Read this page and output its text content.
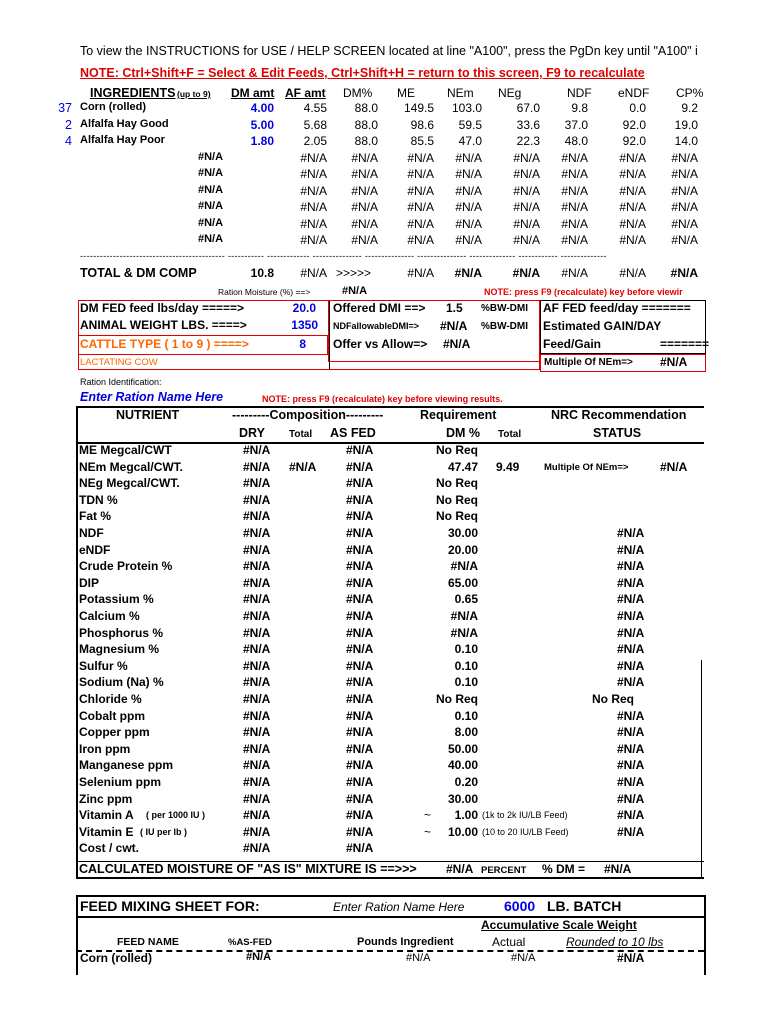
To view the INSTRUCTIONS for USE / HELP SCREEN located at line "A100", press the PgDn key until "A100" i
NOTE: Ctrl+Shift+F = Select & Edit Feeds, Ctrl+Shift+H = return to this screen, F9 to recalculate
INGREDIENTS (up to 9) DM amt AF amt DM% ME	NEm NEg	NDF eNDF CP%
37 Corn (rolled)	4.00	4.55	88.0	149.5	103.0	67.0	9.8	0.0	9.2
2 Alfalfa Hay Good	5.00	5.68	88.0	98.6	59.5	33.6	37.0	92.0	19.0
4 Alfalfa Hay Poor	1.80	2.05	88.0	85.5	47.0	22.3	48.0	92.0	14.0
#N/A	#N/A	#N/A	#N/A	#N/A	#N/A	#N/A	#N/A	#N/A
#N/A	#N/A	#N/A	#N/A	#N/A	#N/A	#N/A	#N/A	#N/A
#N/A	#N/A	#N/A	#N/A	#N/A	#N/A	#N/A	#N/A	#N/A
#N/A	#N/A	#N/A	#N/A	#N/A	#N/A	#N/A	#N/A	#N/A
#N/A	#N/A	#N/A	#N/A	#N/A	#N/A	#N/A	#N/A	#N/A
#N/A	#N/A	#N/A	#N/A	#N/A	#N/A	#N/A	#N/A	#N/A
-------------------------------------------- ----------- ------------- --------------- --------------- --------------- -------------- ------------ --------------
TOTAL & DM COMP	10.8	#N/A >>>>>	#N/A	#N/A	#N/A	#N/A	#N/A	#N/A
Ration Moisture (%) ==>	#N/A	NOTE: press F9 (recalculate) key before viewir
DM FED feed lbs/day =====>	20.0
ANIMAL WEIGHT LBS. ====>	1350
CATTLE TYPE ( 1 to 9 ) ====>	8
LACTATING COW
Offered DMI ==> 1.5 %BW-DMI
NDFallowableDMI=> #N/A %BW-DMI
Offer vs Allow=> #N/A
AF FED feed/day =======
Estimated GAIN/DAY
Feed/Gain	=======
Multiple Of NEm=> #N/A
Ration Identification:
Enter Ration Name Here	NOTE: press F9 (recalculate) key before viewing results.
NUTRIENT	---------Composition---------	Requirement	NRC Recommendation
DRY Total AS FED	DM % Total	STATUS
ME Megcal/CWT	#N/A	#N/A	No Req
NEm Megcal/CWT.	#N/A #N/A #N/A	47.47 9.49	Multiple Of NEm=>	#N/A
NEg Megcal/CWT.	#N/A	#N/A	No Req
TDN %	#N/A	#N/A	No Req
Fat %	#N/A	#N/A	No Req
NDF	#N/A	#N/A	30.00	#N/A
eNDF	#N/A	#N/A	20.00	#N/A
Crude Protein %	#N/A	#N/A	#N/A	#N/A
DIP	#N/A	#N/A	65.00	#N/A
Potassium %	#N/A	#N/A	0.65	#N/A
Calcium %	#N/A	#N/A	#N/A	#N/A
Phosphorus %	#N/A	#N/A	#N/A	#N/A
Magnesium %	#N/A	#N/A	0.10	#N/A
Sulfur %	#N/A	#N/A	0.10	#N/A
Sodium (Na) %	#N/A	#N/A	0.10	#N/A
Chloride %	#N/A	#N/A	No Req	No Req
Cobalt ppm	#N/A	#N/A	0.10	#N/A
Copper ppm	#N/A	#N/A	8.00	#N/A
Iron ppm	#N/A	#N/A	50.00	#N/A
Manganese ppm	#N/A	#N/A	40.00	#N/A
Selenium ppm	#N/A	#N/A	0.20	#N/A
Zinc ppm	#N/A	#N/A	30.00	#N/A
Vitamin A ( per 1000 IU )	#N/A	#N/A	~	1.00 (1k to 2k IU/LB Feed)	#N/A
Vitamin E ( IU per lb )	#N/A	#N/A	~	10.00 (10 to 20 IU/LB Feed)	#N/A
Cost / cwt.	#N/A	#N/A
CALCULATED MOISTURE OF "AS IS" MIXTURE IS ==>>> #N/A PERCENT % DM = #N/A
FEED MIXING SHEET FOR:	Enter Ration Name Here	6000 LB. BATCH
Accumulative Scale Weight
FEED NAME	%AS-FED	Pounds Ingredient	Actual	Rounded to 10 lbs
Corn (rolled)	#N/A	#N/A	#N/A	#N/A
